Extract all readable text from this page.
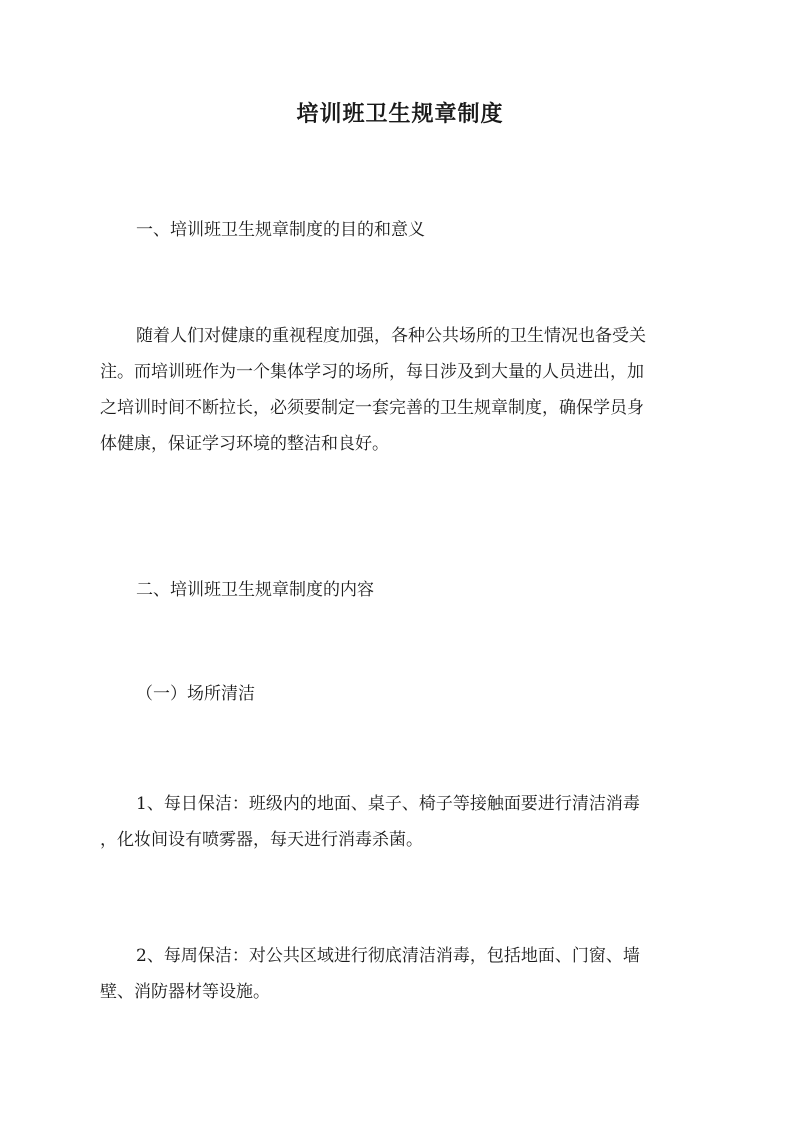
培训班卫生规章制度
一、培训班卫生规章制度的目的和意义
随着人们对健康的重视程度加强，各种公共场所的卫生情况也备受关
注。而培训班作为一个集体学习的场所，每日涉及到大量的人员进出，加
之培训时间不断拉长，必须要制定一套完善的卫生规章制度，确保学员身
体健康，保证学习环境的整洁和良好。
二、培训班卫生规章制度的内容
（一）场所清洁
1、每日保洁：班级内的地面、桌子、椅子等接触面要进行清洁消毒
，化妆间设有喷雾器，每天进行消毒杀菌。
2、每周保洁：对公共区域进行彻底清洁消毒，包括地面、门窗、墙
壁、消防器材等设施。
